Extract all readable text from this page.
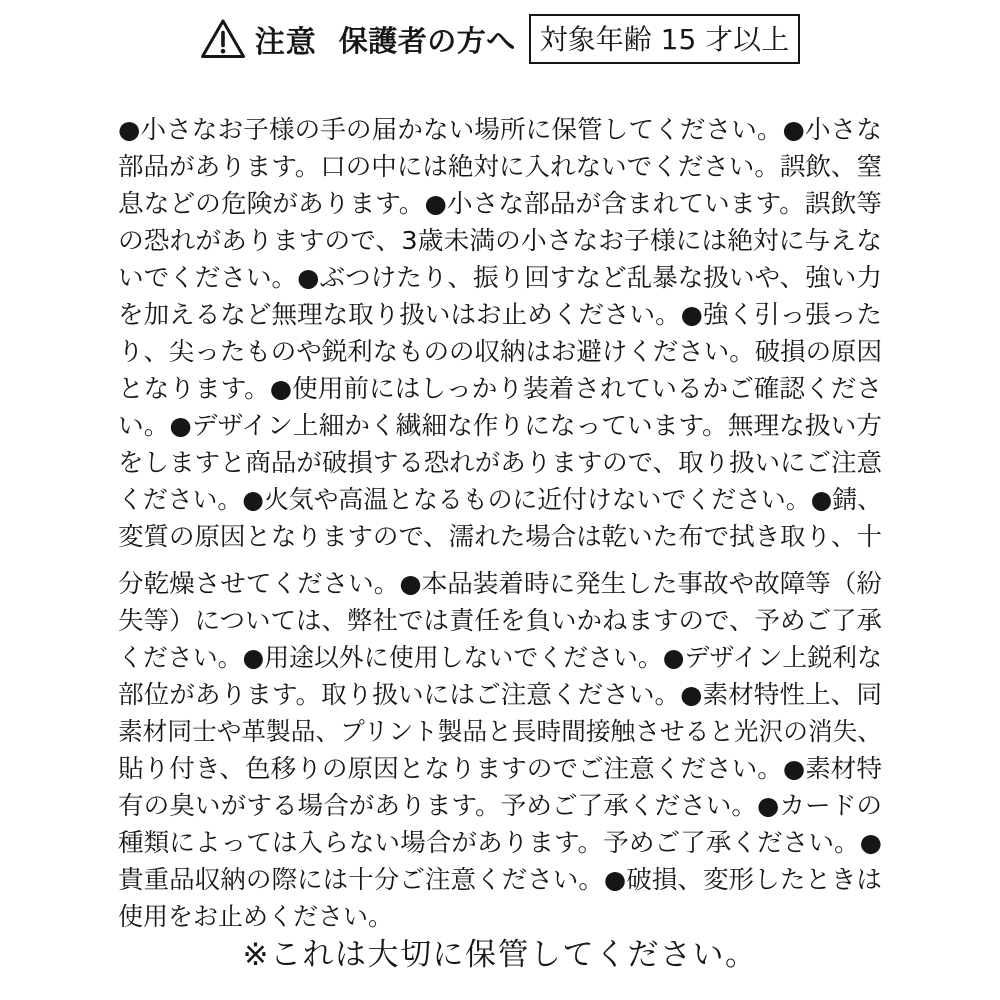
注意 保護者の方へ 対象年齢 15 才以上
●小さなお子様の手の届かない場所に保管してください。●小さな
部品があります。口の中には絶対に入れないでください。誤飲、窒
息などの危険があります。●小さな部品が含まれています。誤飲等
の恐れがありますので、3歳未満の小さなお子様には絶対に与えな
いでください。●ぶつけたり、振り回すなど乱暴な扱いや、強い力
を加えるなど無理な取り扱いはお止めください。●強く引っ張った
り、尖ったものや鋭利なものの収納はお避けください。破損の原因
となります。●使用前にはしっかり装着されているかご確認くださ
い。●デザイン上細かく繊細な作りになっています。無理な扱い方
をしますと商品が破損する恐れがありますので、取り扱いにご注意
ください。●火気や高温となるものに近付けないでください。●錆、
変質の原因となりますので、濡れた場合は乾いた布で拭き取り、十
分乾燥させてください。●本品装着時に発生した事故や故障等（紛
失等）については、弊社では責任を負いかねますので、予めご了承
ください。●用途以外に使用しないでください。●デザイン上鋭利な
部位があります。取り扱いにはご注意ください。●素材特性上、同
素材同士や革製品、プリント製品と長時間接触させると光沢の消失、
貼り付き、色移りの原因となりますのでご注意ください。●素材特
有の臭いがする場合があります。予めご了承ください。●カードの
種類によっては入らない場合があります。予めご了承ください。●
貴重品収納の際には十分ご注意ください。●破損、変形したときは
使用をお止めください。
※これは大切に保管してください。
